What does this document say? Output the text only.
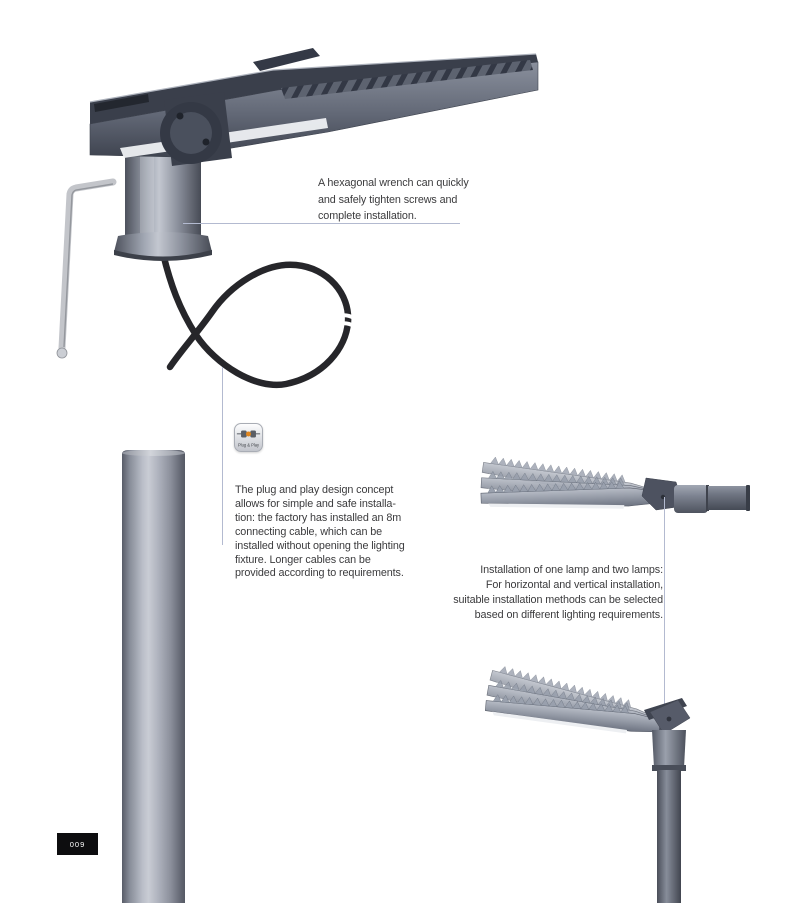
A hexagonal wrench can quickly
and safely tighten screws and
complete installation.
Plug & Play
The plug and play design concept
allows for simple and safe installa-
tion: the factory has installed an 8m
connecting cable, which can be
installed without opening the lighting
fixture. Longer cables can be
provided according to requirements.
009
Installation of one lamp and two lamps:
For horizontal and vertical installation,
suitable installation methods can be selected
based on different lighting requirements.
